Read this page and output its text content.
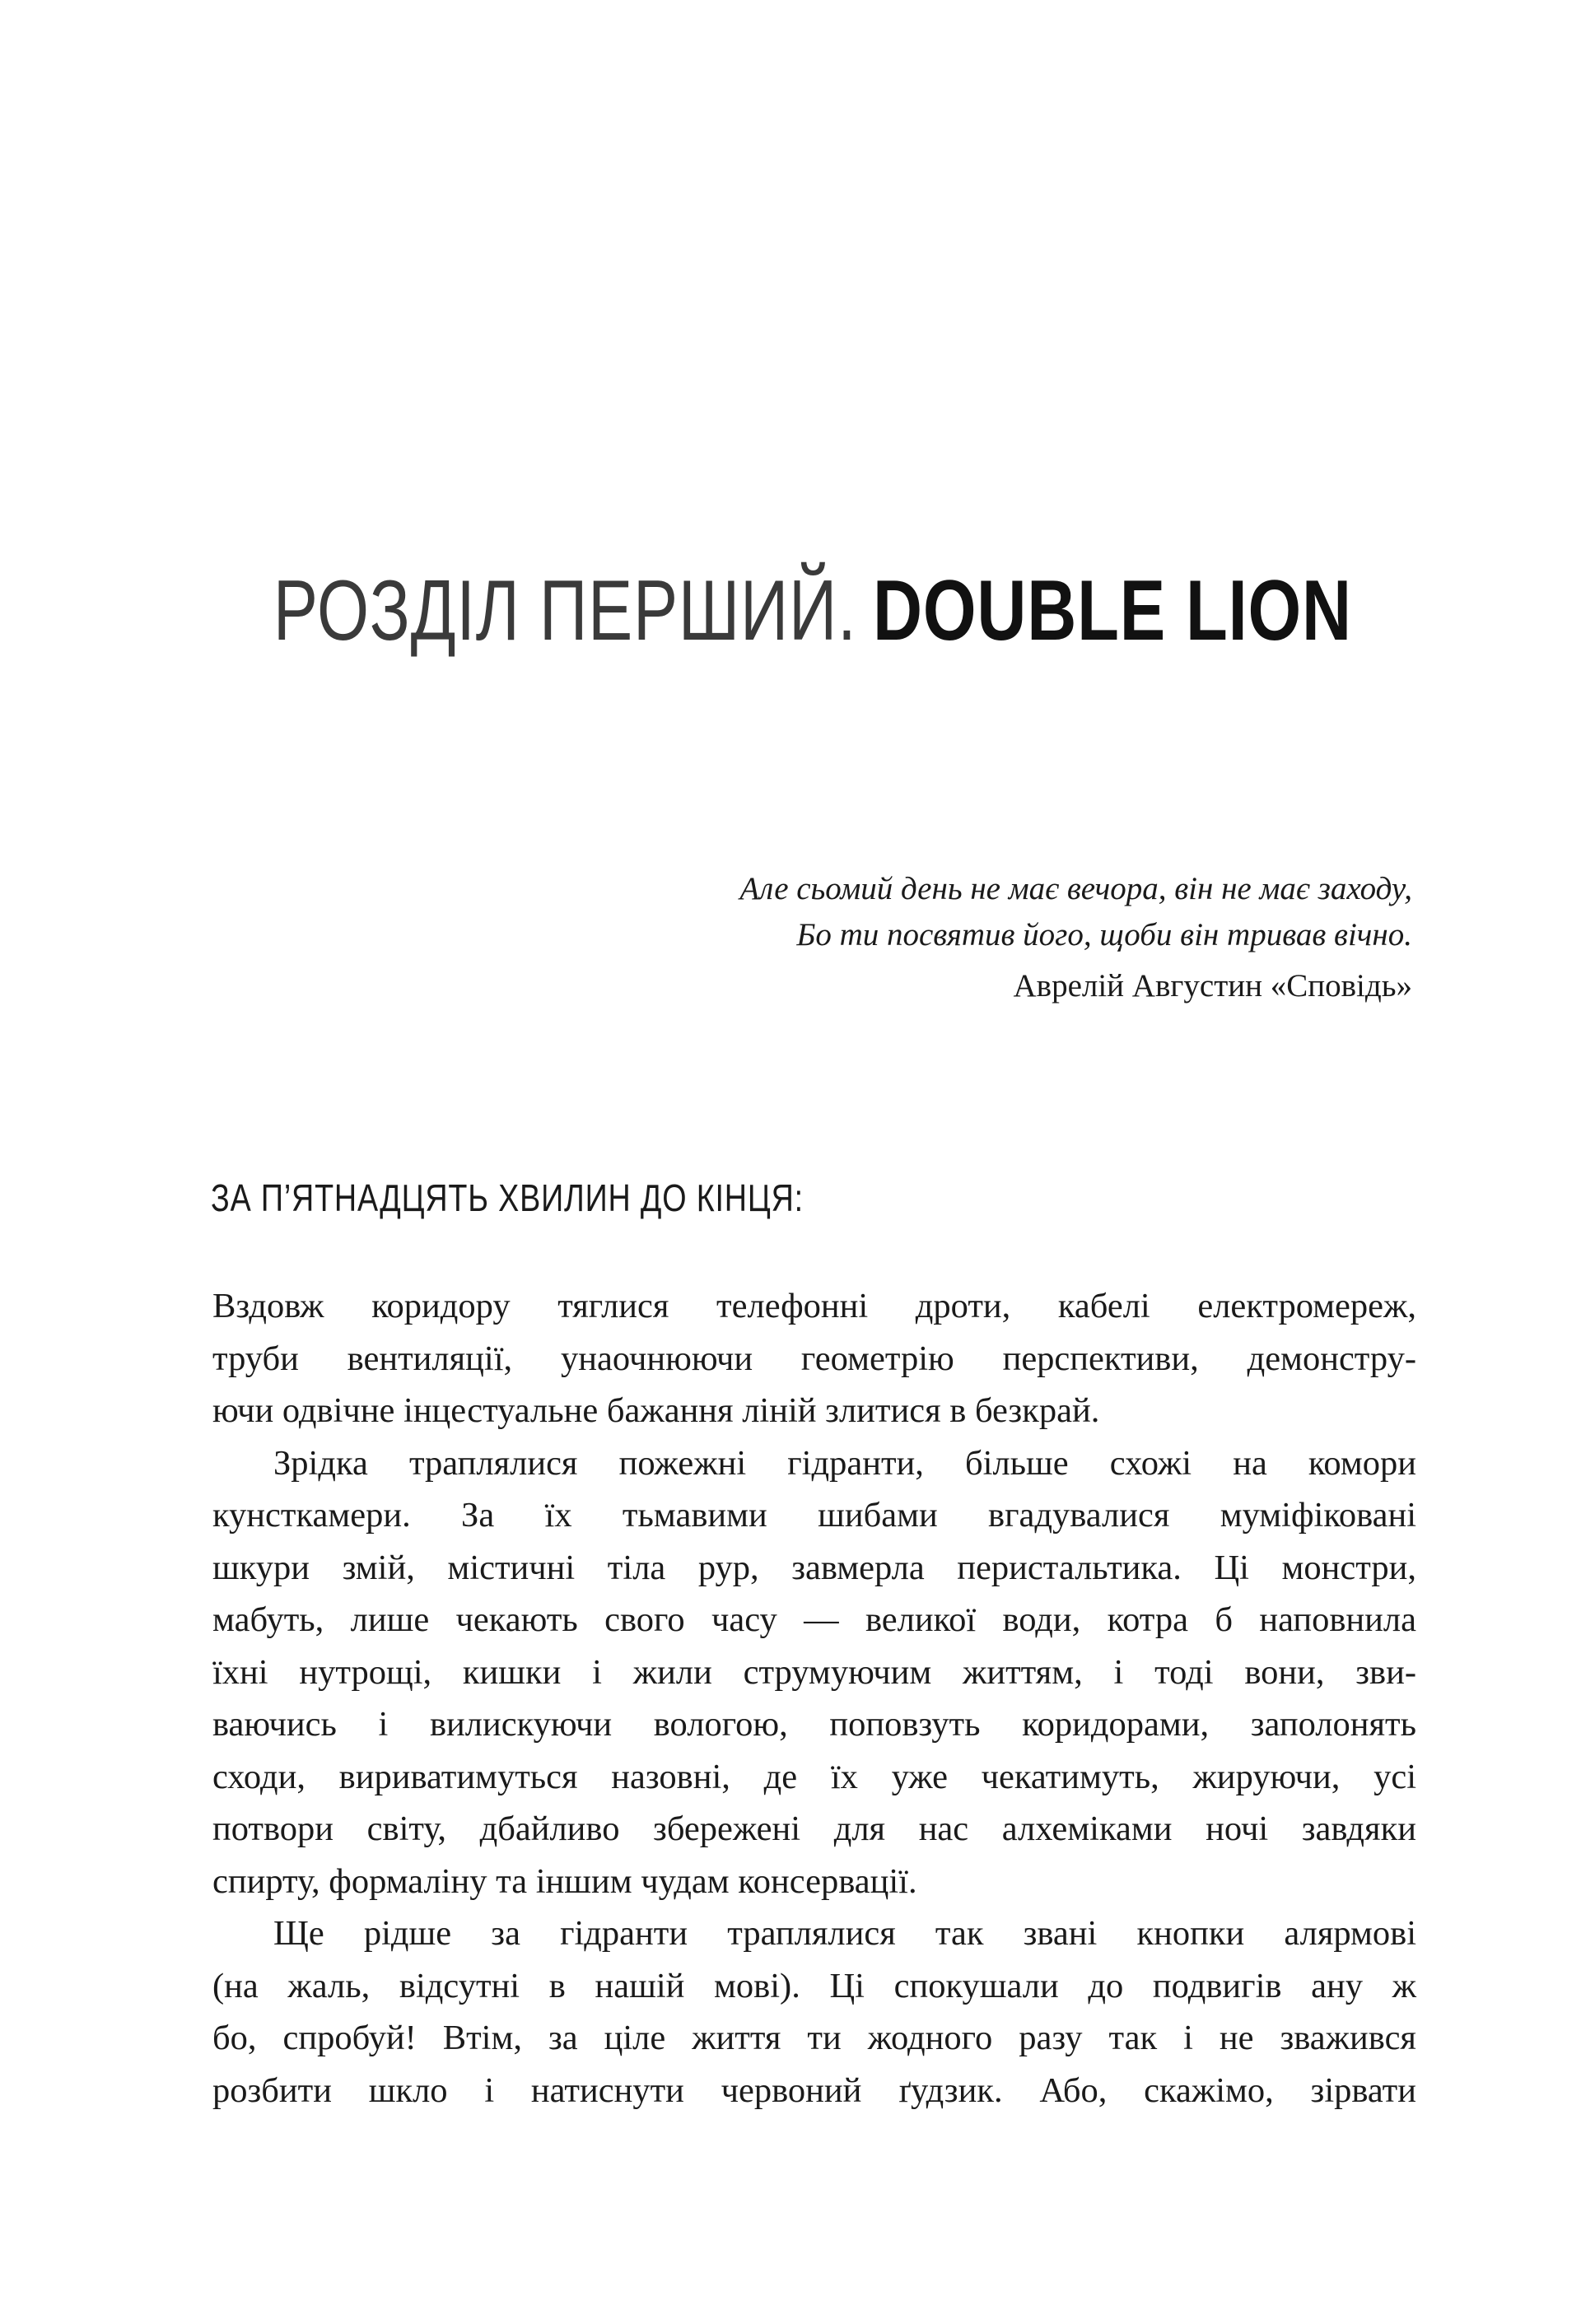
РОЗДІЛ ПЕРШИЙ. DOUBLE LION
Але сьомий день не має вечора, він не має заходу,
Бо ти посвятив його, щоби він тривав вічно.
Аврелій Августин «Сповідь»
ЗА П’ЯТНАДЦЯТЬ ХВИЛИН ДО КІНЦЯ:
Вздовж коридору тяглися телефонні дроти, кабелі електромереж,
труби вентиляції, унаочнюючи геометрію перспективи, демонстру-
ючи одвічне інцестуальне бажання ліній злитися в безкрай.
Зрідка траплялися пожежні гідранти, більше схожі на комори
кунсткамери. За їх тьмавими шибами вгадувалися муміфіковані
шкури змій, містичні тіла рур, завмерла перистальтика. Ці монстри,
мабуть, лише чекають свого часу — великої води, котра б наповнила
їхні нутрощі, кишки і жили струмуючим життям, і тоді вони, зви-
ваючись і вилискуючи вологою, поповзуть коридорами, заполонять
сходи, вириватимуться назовні, де їх уже чекатимуть, жируючи, усі
потвори світу, дбайливо збережені для нас алхеміками ночі завдяки
спирту, формаліну та іншим чудам консервації.
Ще рідше за гідранти траплялися так звані кнопки алярмові
(на жаль, відсутні в нашій мові). Ці спокушали до подвигів ану ж
бо, спробуй! Втім, за ціле життя ти жодного разу так і не зважився
розбити шкло і натиснути червоний ґудзик. Або, скажімо, зірвати
